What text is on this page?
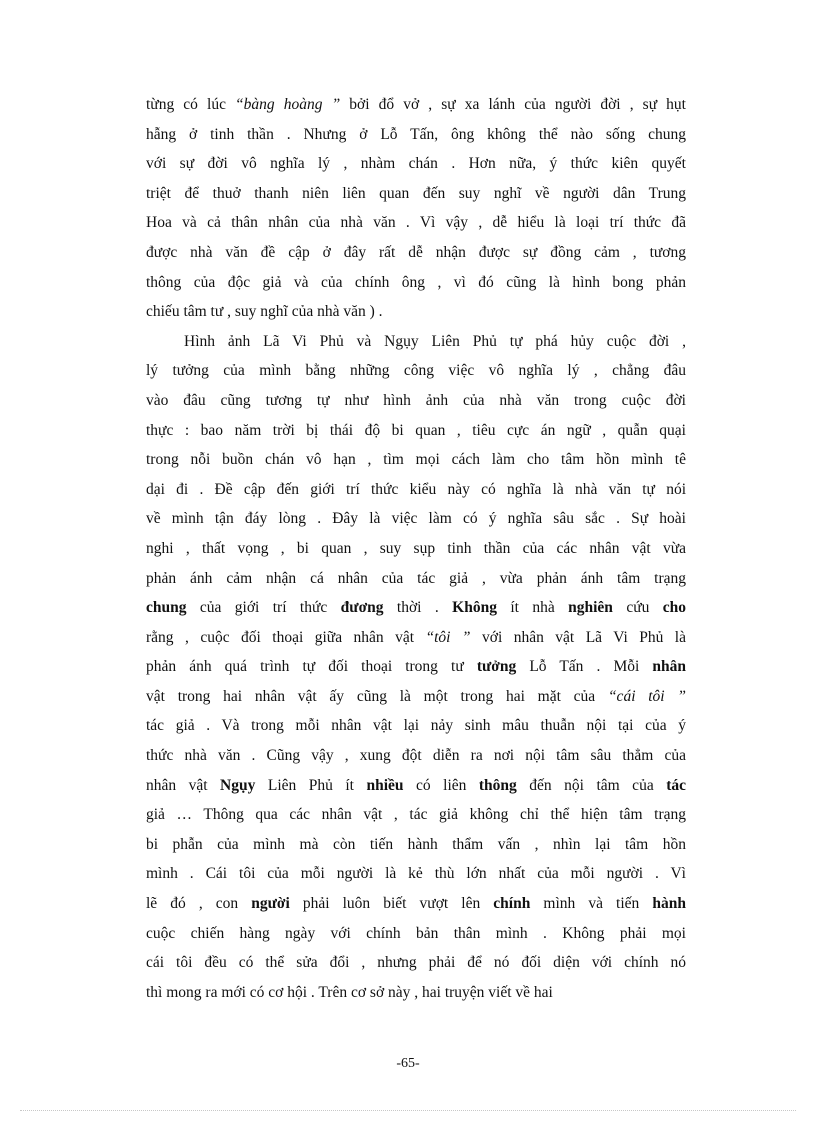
từng có lúc “bàng hoàng ” bởi đổ vở , sự xa lánh của người đời , sự hụt
hẫng ở tinh thần . Nhưng ở Lỗ Tấn, ông không thể nào sống chung
với sự đời vô nghĩa lý , nhàm chán . Hơn nữa, ý thức kiên quyết
triệt để thuở thanh niên liên quan đến suy nghĩ về người dân Trung
Hoa và cả thân nhân của nhà văn . Vì vậy , dễ hiểu là loại trí thức đã
được nhà văn đề cập ở đây rất dễ nhận được sự đồng cảm , tương
thông của độc giả và của chính ông , vì đó cũng là hình bong phản
chiếu tâm tư , suy nghĩ của nhà văn ) .
Hình ảnh Lã Vi Phủ và Ngụy Liên Phủ tự phá hủy cuộc đời ,
lý tưởng của mình bằng những công việc vô nghĩa lý , chẳng đâu
vào đâu cũng tương tự như hình ảnh của nhà văn trong cuộc đời
thực : bao năm trời bị thái độ bi quan , tiêu cực án ngữ , quẫn quại
trong nỗi buồn chán vô hạn , tìm mọi cách làm cho tâm hồn mình tê
dại đi . Đề cập đến giới trí thức kiểu này có nghĩa là nhà văn tự nói
về mình tận đáy lòng . Đây là việc làm có ý nghĩa sâu sắc . Sự hoài
nghi , thất vọng , bi quan , suy sụp tinh thần của các nhân vật vừa
phản ánh cảm nhận cá nhân của tác giả , vừa phản ánh tâm trạng
chung của giới trí thức đương thời . Không ít nhà nghiên cứu cho
rằng , cuộc đối thoại giữa nhân vật “tôi ” với nhân vật Lã Vi Phủ là
phản ánh quá trình tự đối thoại trong tư tưởng Lỗ Tấn . Mỗi nhân
vật trong hai nhân vật ấy cũng là một trong hai mặt của “cái tôi ”
tác giả . Và trong mỗi nhân vật lại nảy sinh mâu thuẫn nội tại của ý
thức nhà văn . Cũng vậy , xung đột diễn ra nơi nội tâm sâu thẳm của
nhân vật Ngụy Liên Phủ ít nhiều có liên thông đến nội tâm của tác
giả … Thông qua các nhân vật , tác giả không chỉ thể hiện tâm trạng
bi phẫn của mình mà còn tiến hành thẩm vấn , nhìn lại tâm hồn
mình . Cái tôi của mỗi người là kẻ thù lớn nhất của mỗi người . Vì
lẽ đó , con người phải luôn biết vượt lên chính mình và tiến hành
cuộc chiến hàng ngày với chính bản thân mình . Không phải mọi
cái tôi đều có thể sửa đổi , nhưng phải để nó đối diện với chính nó
thì mong ra mới có cơ hội . Trên cơ sở này , hai truyện viết về hai
-65-
